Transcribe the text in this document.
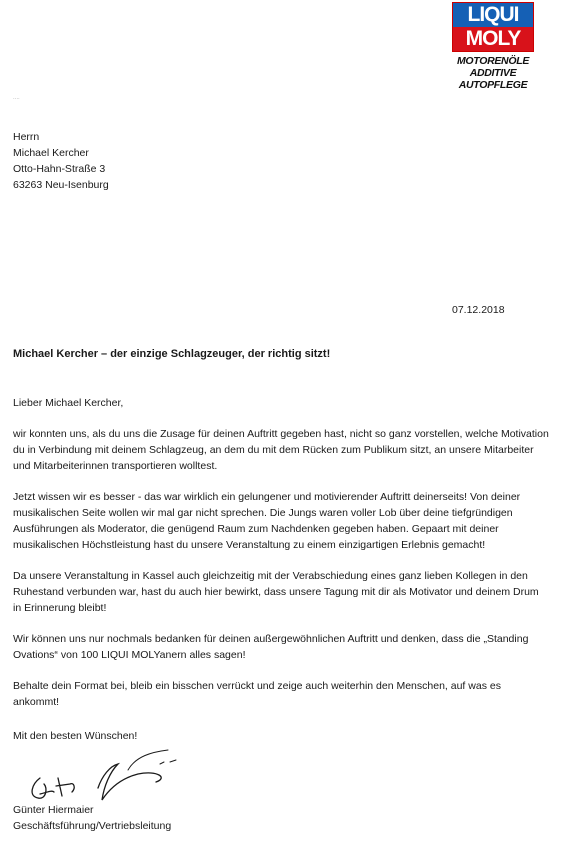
LIQUI
MOLY
MOTORENÖLE
ADDITIVE
AUTOPFLEGE
‥‥
Herrn
Michael Kercher
Otto-Hahn-Straße 3
63263 Neu-Isenburg
07.12.2018
Michael Kercher – der einzige Schlagzeuger, der richtig sitzt!

Lieber Michael Kercher,

wir konnten uns, als du uns die Zusage für deinen Auftritt gegeben hast, nicht so ganz vorstellen, welche Motivation du in Verbindung mit deinem Schlagzeug, an dem du mit dem Rücken zum Publikum sitzt, an unsere Mitarbeiter und Mitarbeiterinnen transportieren wolltest.

Jetzt wissen wir es besser - das war wirklich ein gelungener und motivierender Auftritt deinerseits! Von deiner musikalischen Seite wollen wir mal gar nicht sprechen. Die Jungs waren voller Lob über deine tiefgründigen Ausführungen als Moderator, die genügend Raum zum Nachdenken gegeben haben. Gepaart mit deiner musikalischen Höchstleistung hast du unsere Veranstaltung zu einem einzigartigen Erlebnis gemacht!

Da unsere Veranstaltung in Kassel auch gleichzeitig mit der Verabschiedung eines ganz lieben Kollegen in den Ruhestand verbunden war, hast du auch hier bewirkt, dass unsere Tagung mit dir als Motivator und deinem Drum in Erinnerung bleibt!

Wir können uns nur nochmals bedanken für deinen außergewöhnlichen Auftritt und denken, dass die „Standing Ovations“ von 100 LIQUI MOLYanern alles sagen!

Behalte dein Format bei, bleib ein bisschen verrückt und zeige auch weiterhin den Menschen, auf was es ankommt!

Mit den besten Wünschen!
Günter Hiermaier
Geschäftsführung/Vertriebsleitung
